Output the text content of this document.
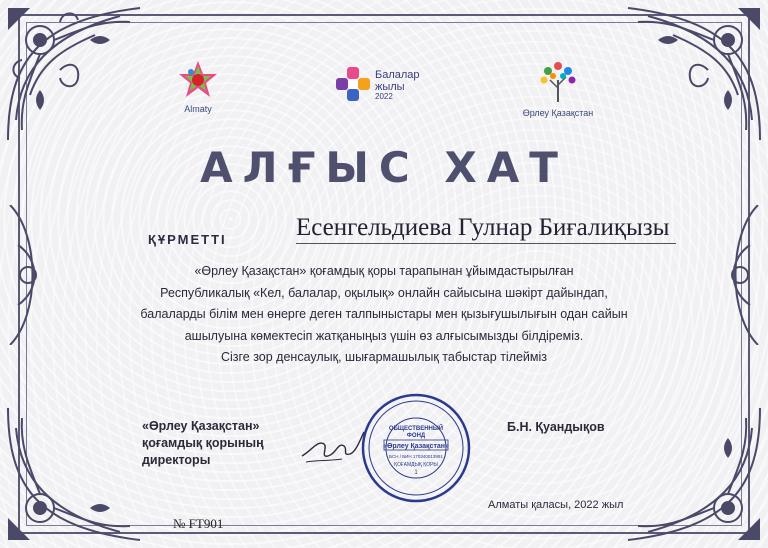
Almaty
Балалар
жылы
2022
Өрлеу Қазақстан
АЛҒЫС ХАТ
ҚҰРМЕТТІ	Есенгельдиева Гулнар Биғалиқызы
«Өрлеу Қазақстан» қоғамдық қоры тарапынан ұйымдастырылған
Республикалық «Кел, балалар, оқылық» онлайн сайысына шәкірт дайындап,
балаларды білім мен өнерге деген талпыныстары мен қызығушылығын одан сайын
ашылуына көмектесіп жатқаныңыз үшін өз алғысымызды білдіреміз.
Сізге зор денсаулық, шығармашылық табыстар тілейміз
«Өрлеу Қазақстан»
қоғамдық қорының
директоры
ОБЩЕСТВЕННЫЙ
ФОНД
«Өрлеу Қазақстан»
БСН / БИН 170340013991
ҚОҒАМДЫҚ ҚОРЫ
1
Б.Н. Қуандықов
Алматы қаласы, 2022 жыл
№ FT901
